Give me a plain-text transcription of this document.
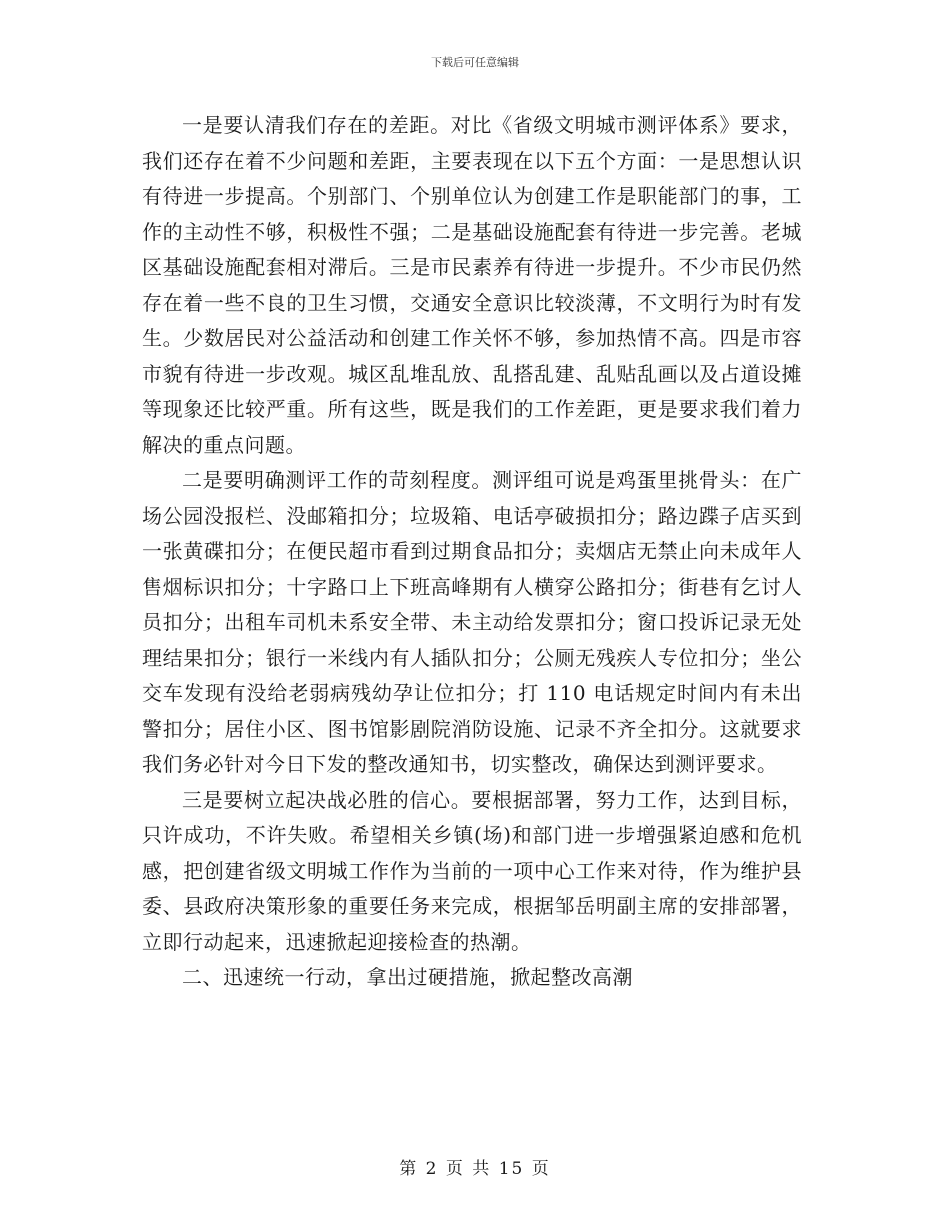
下载后可任意编辑

一是要认清我们存在的差距。对比《省级文明城市测评体系》要求，我们还存在着不少问题和差距，主要表现在以下五个方面：一是思想认识有待进一步提高。个别部门、个别单位认为创建工作是职能部门的事，工作的主动性不够，积极性不强；二是基础设施配套有待进一步完善。老城区基础设施配套相对滞后。三是市民素养有待进一步提升。不少市民仍然存在着一些不良的卫生习惯，交通安全意识比较淡薄，不文明行为时有发生。少数居民对公益活动和创建工作关怀不够，参加热情不高。四是市容市貌有待进一步改观。城区乱堆乱放、乱搭乱建、乱贴乱画以及占道设摊等现象还比较严重。所有这些，既是我们的工作差距，更是要求我们着力解决的重点问题。

二是要明确测评工作的苛刻程度。测评组可说是鸡蛋里挑骨头：在广场公园没报栏、没邮箱扣分；垃圾箱、电话亭破损扣分；路边蹀子店买到一张黄碟扣分；在便民超市看到过期食品扣分；卖烟店无禁止向未成年人售烟标识扣分；十字路口上下班高峰期有人横穿公路扣分；街巷有乞讨人员扣分；出租车司机未系安全带、未主动给发票扣分；窗口投诉记录无处理结果扣分；银行一米线内有人插队扣分；公厕无残疾人专位扣分；坐公交车发现有没给老弱病残幼孕让位扣分；打 110 电话规定时间内有未出警扣分；居住小区、图书馆影剧院消防设施、记录不齐全扣分。这就要求我们务必针对今日下发的整改通知书，切实整改，确保达到测评要求。

三是要树立起决战必胜的信心。要根据部署，努力工作，达到目标，只许成功，不许失败。希望相关乡镇(场)和部门进一步增强紧迫感和危机感，把创建省级文明城工作作为当前的一项中心工作来对待，作为维护县委、县政府决策形象的重要任务来完成，根据邹岳明副主席的安排部署，立即行动起来，迅速掀起迎接检查的热潮。

二、迅速统一行动，拿出过硬措施，掀起整改高潮

第 2 页 共 15 页
